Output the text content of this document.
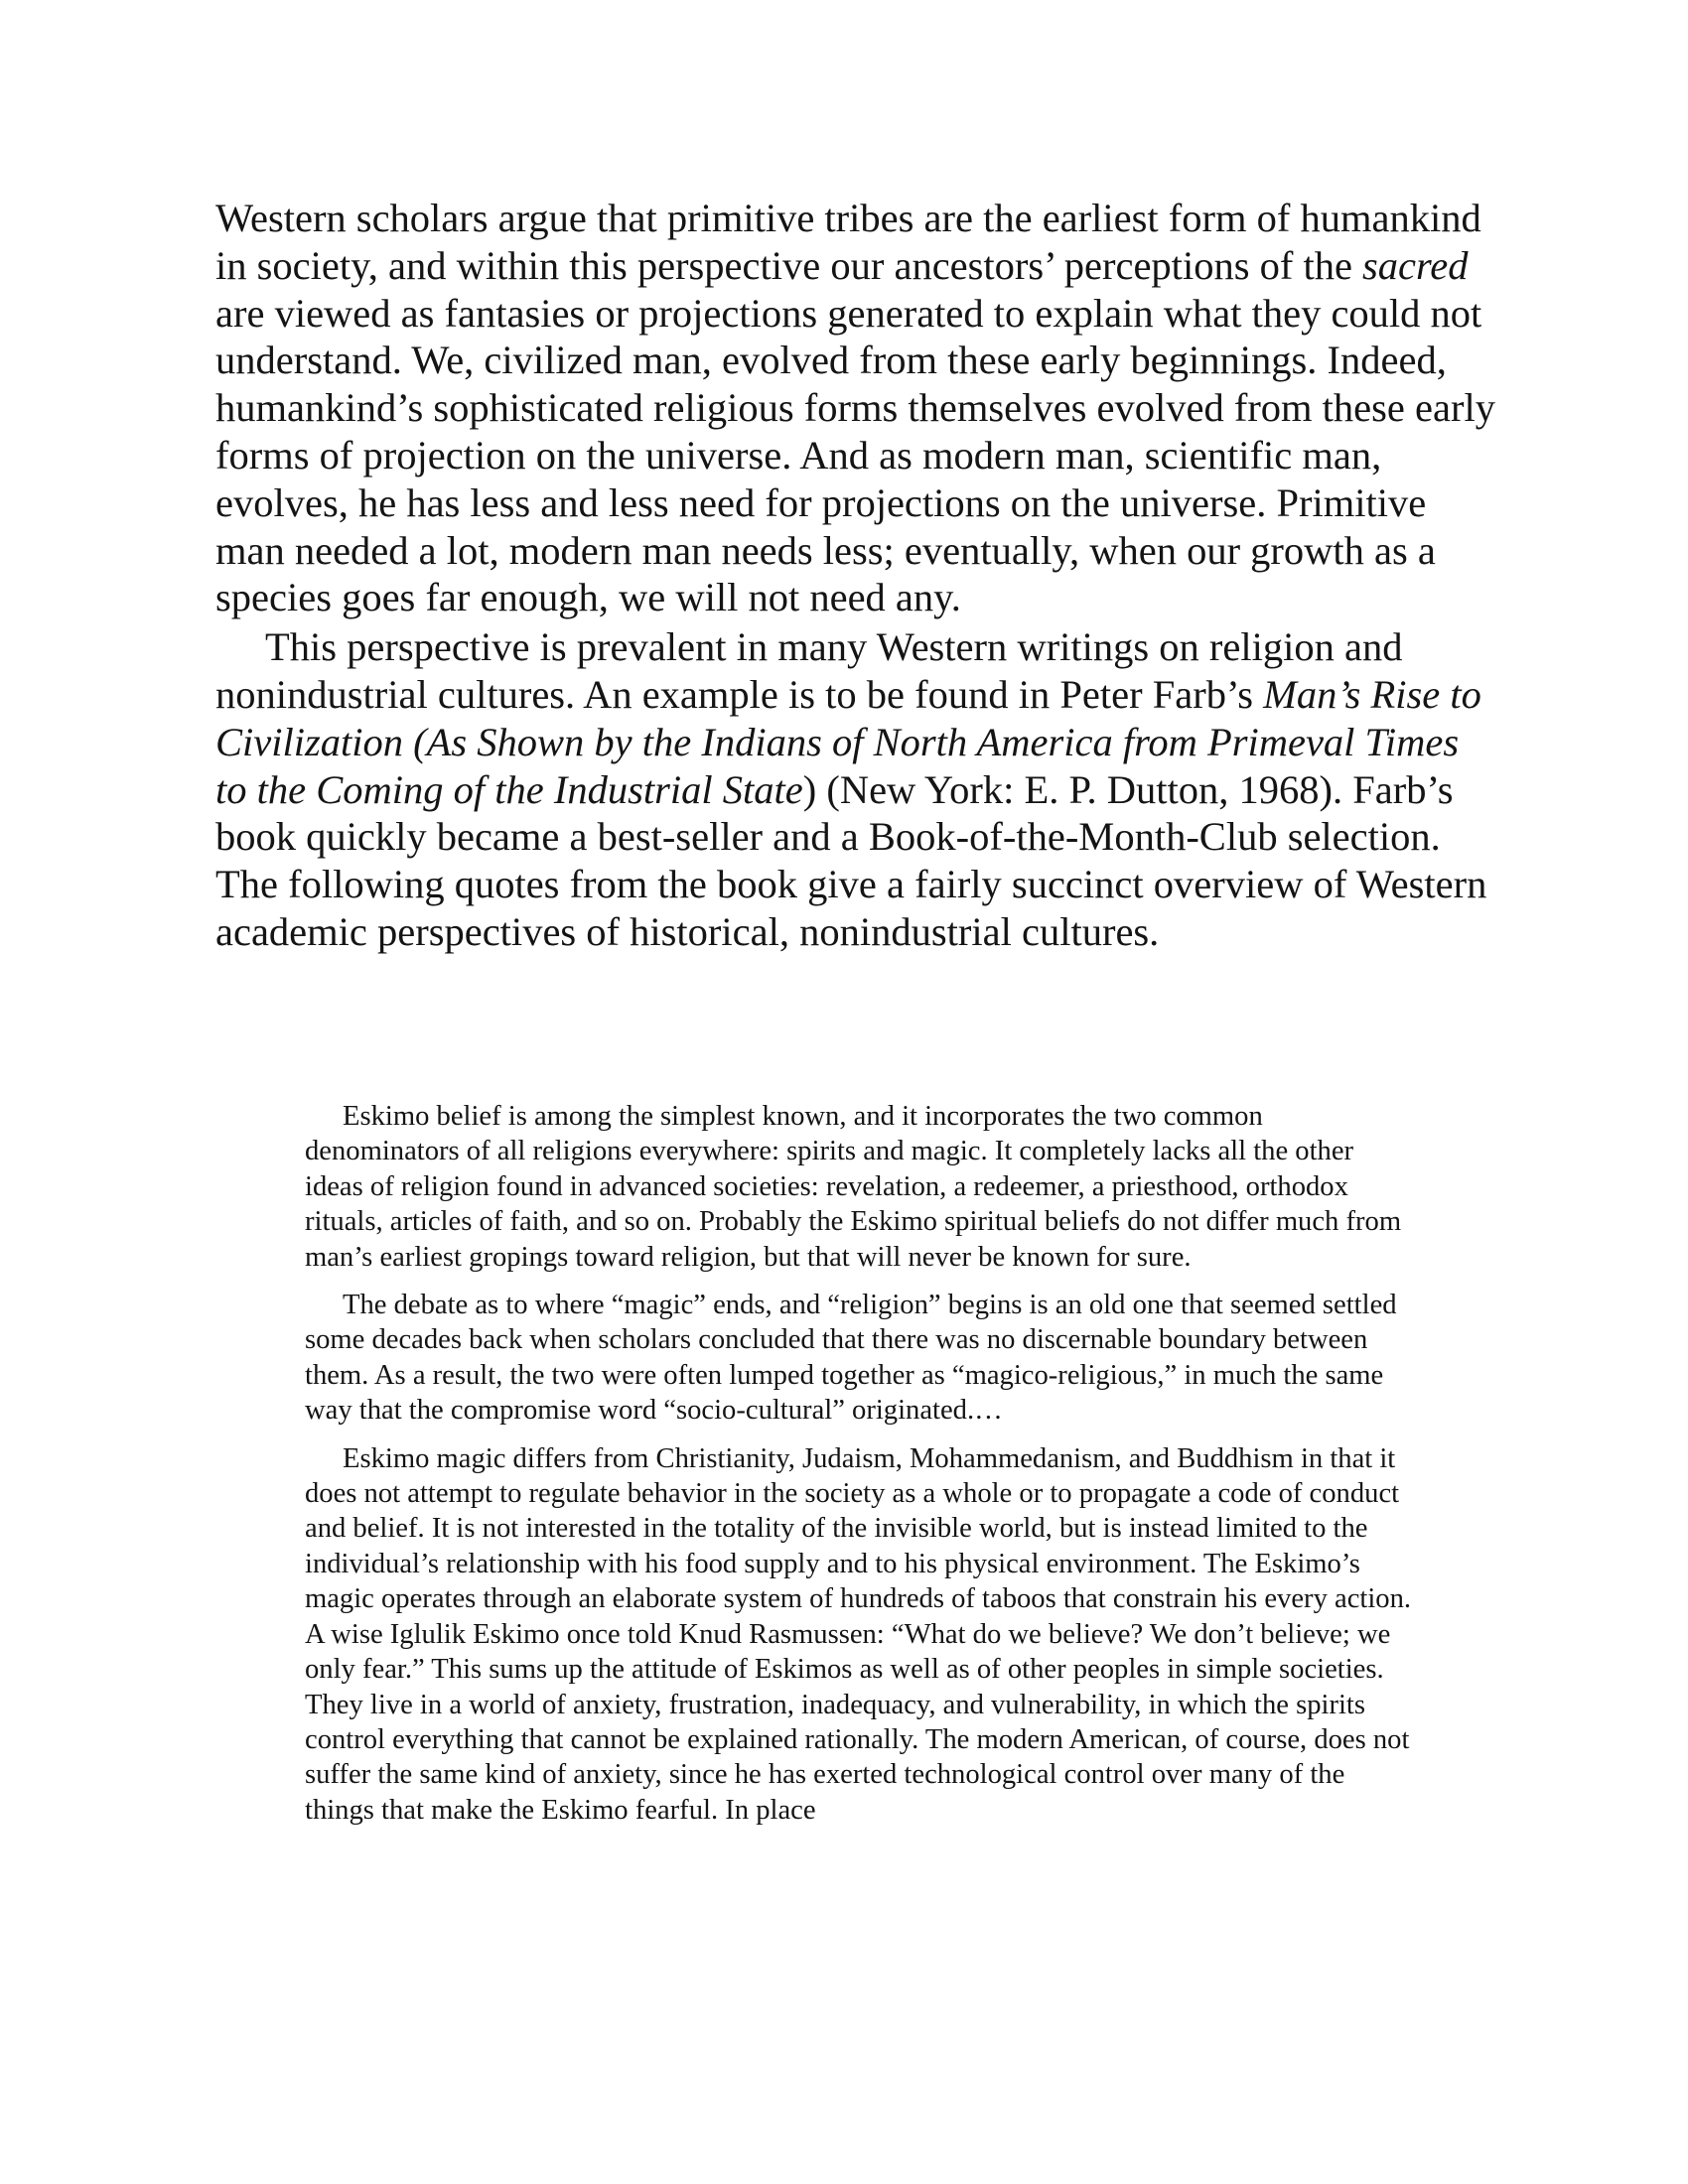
Western scholars argue that primitive tribes are the earliest form of humankind in society, and within this perspective our ancestors’ perceptions of the sacred are viewed as fantasies or projections generated to explain what they could not understand. We, civilized man, evolved from these early beginnings. Indeed, humankind’s sophisticated religious forms themselves evolved from these early forms of projection on the universe. And as modern man, scientific man, evolves, he has less and less need for projections on the universe. Primitive man needed a lot, modern man needs less; eventually, when our growth as a species goes far enough, we will not need any.

This perspective is prevalent in many Western writings on religion and nonindustrial cultures. An example is to be found in Peter Farb’s Man’s Rise to Civilization (As Shown by the Indians of North America from Primeval Times to the Coming of the Industrial State) (New York: E. P. Dutton, 1968). Farb’s book quickly became a best-seller and a Book-of-the-Month-Club selection. The following quotes from the book give a fairly succinct overview of Western academic perspectives of historical, nonindustrial cultures.

Eskimo belief is among the simplest known, and it incorporates the two common denominators of all religions everywhere: spirits and magic. It completely lacks all the other ideas of religion found in advanced societies: revelation, a redeemer, a priesthood, orthodox rituals, articles of faith, and so on. Probably the Eskimo spiritual beliefs do not differ much from man’s earliest gropings toward religion, but that will never be known for sure.

The debate as to where “magic” ends, and “religion” begins is an old one that seemed settled some decades back when scholars concluded that there was no discernable boundary between them. As a result, the two were often lumped together as “magico-religious,” in much the same way that the compromise word “socio-cultural” originated.…

Eskimo magic differs from Christianity, Judaism, Mohammedanism, and Buddhism in that it does not attempt to regulate behavior in the society as a whole or to propagate a code of conduct and belief. It is not interested in the totality of the invisible world, but is instead limited to the individual’s relationship with his food supply and to his physical environment. The Eskimo’s magic operates through an elaborate system of hundreds of taboos that constrain his every action. A wise Iglulik Eskimo once told Knud Rasmussen: “What do we believe? We don’t believe; we only fear.” This sums up the attitude of Eskimos as well as of other peoples in simple societies. They live in a world of anxiety, frustration, inadequacy, and vulnerability, in which the spirits control everything that cannot be explained rationally. The modern American, of course, does not suffer the same kind of anxiety, since he has exerted technological control over many of the things that make the Eskimo fearful. In place
